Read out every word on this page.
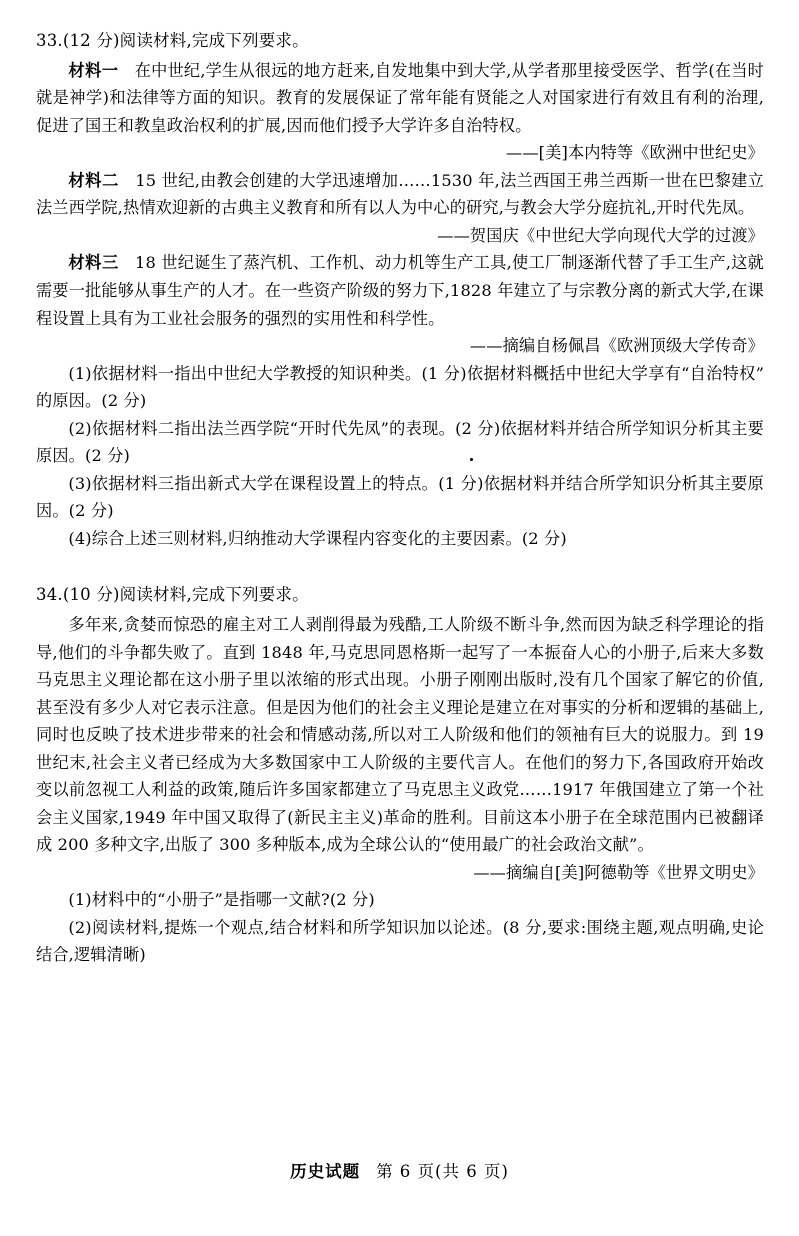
33.(12 分)阅读材料,完成下列要求。

材料一 在中世纪,学生从很远的地方赶来,自发地集中到大学,从学者那里接受医学、哲学(在当时就是神学)和法律等方面的知识。教育的发展保证了常年能有贤能之人对国家进行有效且有利的治理,促进了国王和教皇政治权利的扩展,因而他们授予大学许多自治特权。

——[美]本内特等《欧洲中世纪史》

材料二 15 世纪,由教会创建的大学迅速增加……1530 年,法兰西国王弗兰西斯一世在巴黎建立法兰西学院,热情欢迎新的古典主义教育和所有以人为中心的研究,与教会大学分庭抗礼,开时代先凤。

——贺国庆《中世纪大学向现代大学的过渡》

材料三 18 世纪诞生了蒸汽机、工作机、动力机等生产工具,使工厂制逐渐代替了手工生产,这就需要一批能够从事生产的人才。在一些资产阶级的努力下,1828 年建立了与宗教分离的新式大学,在课程设置上具有为工业社会服务的强烈的实用性和科学性。

——摘编自杨佩昌《欧洲顶级大学传奇》

(1)依据材料一指出中世纪大学教授的知识种类。(1 分)依据材料概括中世纪大学享有“自治特权”的原因。(2 分)

(2)依据材料二指出法兰西学院“开时代先凤”的表现。(2 分)依据材料并结合所学知识分析其主要原因。(2 分)

(3)依据材料三指出新式大学在课程设置上的特点。(1 分)依据材料并结合所学知识分析其主要原因。(2 分)

(4)综合上述三则材料,归纳推动大学课程内容变化的主要因素。(2 分)

34.(10 分)阅读材料,完成下列要求。

多年来,贪婪而惊恐的雇主对工人剥削得最为残酷,工人阶级不断斗争,然而因为缺乏科学理论的指导,他们的斗争都失败了。直到 1848 年,马克思同恩格斯一起写了一本振奋人心的小册子,后来大多数马克思主义理论都在这小册子里以浓缩的形式出现。小册子刚刚出版时,没有几个国家了解它的价值,甚至没有多少人对它表示注意。但是因为他们的社会主义理论是建立在对事实的分析和逻辑的基础上,同时也反映了技术进步带来的社会和情感动荡,所以对工人阶级和他们的领袖有巨大的说服力。到 19 世纪末,社会主义者已经成为大多数国家中工人阶级的主要代言人。在他们的努力下,各国政府开始改变以前忽视工人利益的政策,随后许多国家都建立了马克思主义政党……1917 年俄国建立了第一个社会主义国家,1949 年中国又取得了(新民主主义)革命的胜利。目前这本小册子在全球范围内已被翻译成 200 多种文字,出版了 300 多种版本,成为全球公认的“使用最广的社会政治文献”。

——摘编自[美]阿德勒等《世界文明史》

(1)材料中的“小册子”是指哪一文献?(2 分)

(2)阅读材料,提炼一个观点,结合材料和所学知识加以论述。(8 分,要求:围绕主题,观点明确,史论结合,逻辑清晰)

历史试题 第 6 页(共 6 页)
